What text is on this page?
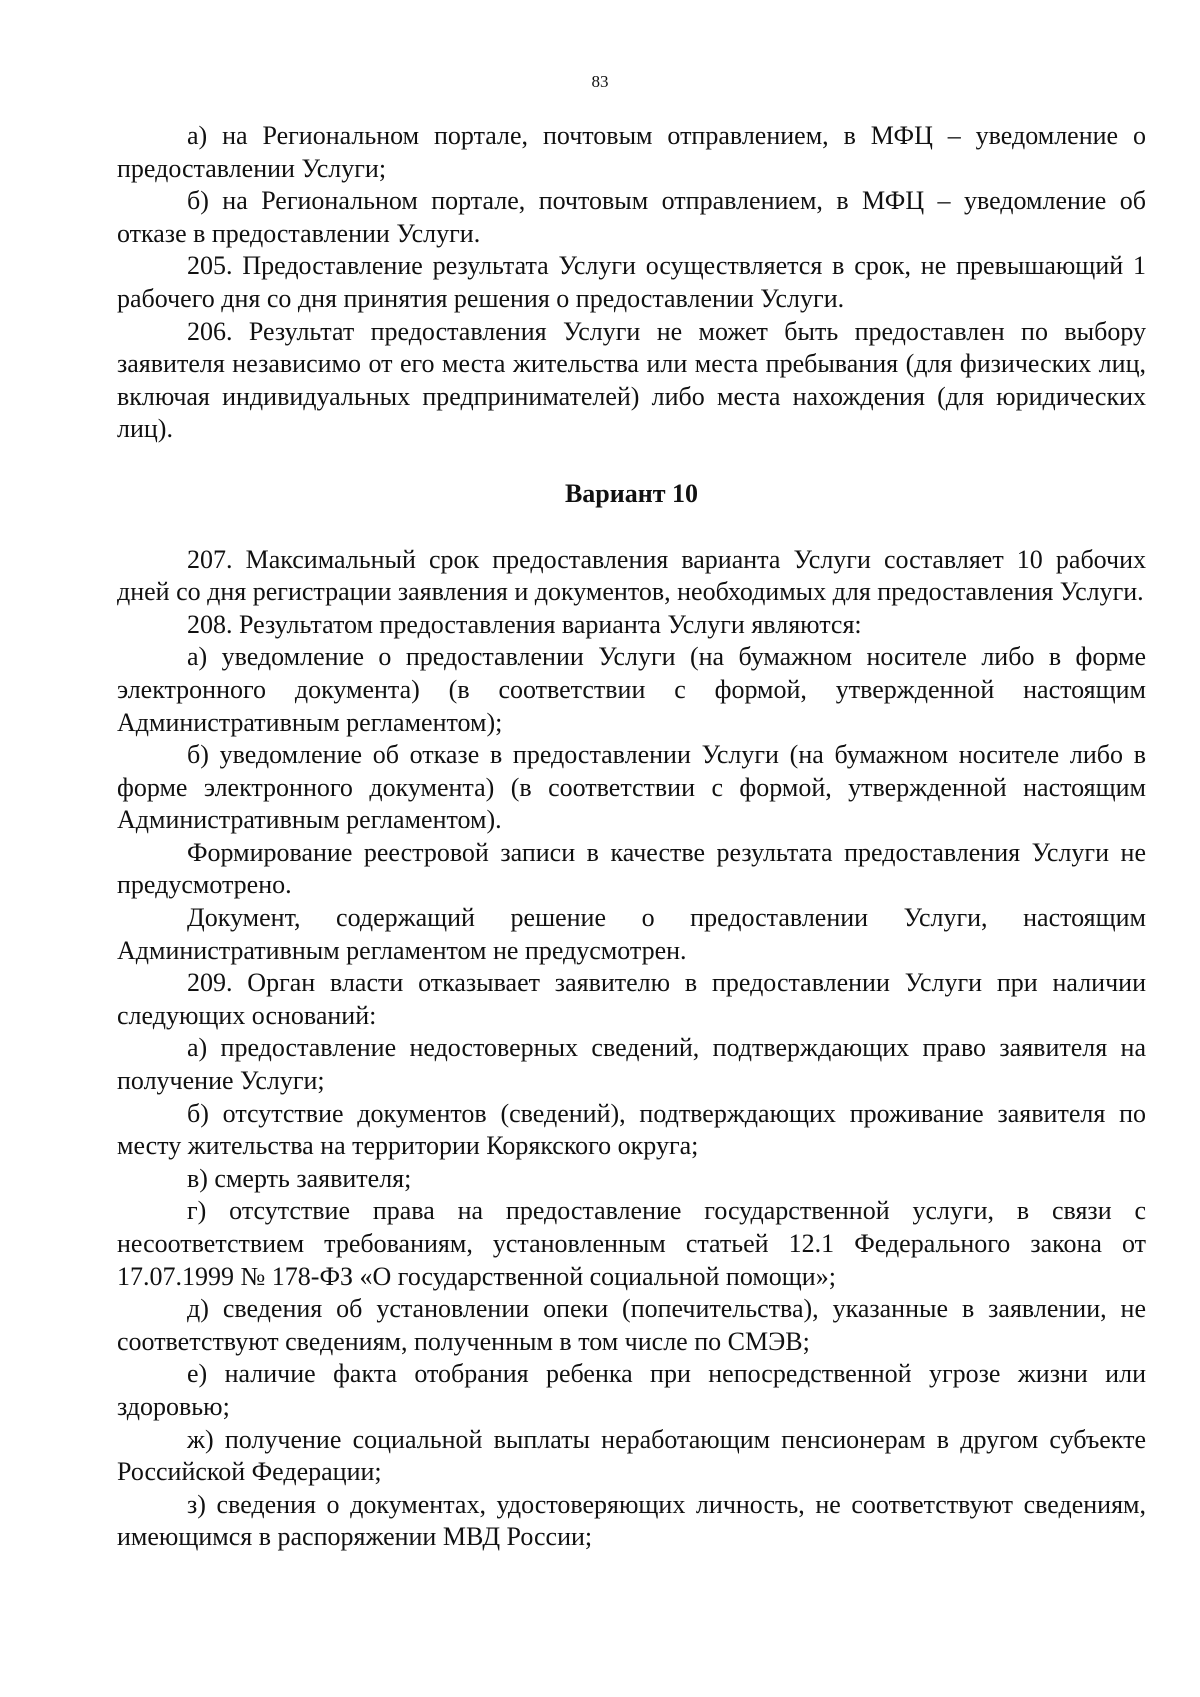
83

а) на Региональном портале, почтовым отправлением, в МФЦ – уведомление о предоставлении Услуги;

б) на Региональном портале, почтовым отправлением, в МФЦ – уведомление об отказе в предоставлении Услуги.

205. Предоставление результата Услуги осуществляется в срок, не превышающий 1 рабочего дня со дня принятия решения о предоставлении Услуги.

206. Результат предоставления Услуги не может быть предоставлен по выбору заявителя независимо от его места жительства или места пребывания (для физических лиц, включая индивидуальных предпринимателей) либо места нахождения (для юридических лиц).

Вариант 10

207. Максимальный срок предоставления варианта Услуги составляет 10 рабочих дней со дня регистрации заявления и документов, необходимых для предоставления Услуги.

208. Результатом предоставления варианта Услуги являются:

а) уведомление о предоставлении Услуги (на бумажном носителе либо в форме электронного документа) (в соответствии с формой, утвержденной настоящим Административным регламентом);

б) уведомление об отказе в предоставлении Услуги (на бумажном носителе либо в форме электронного документа) (в соответствии с формой, утвержденной настоящим Административным регламентом).

Формирование реестровой записи в качестве результата предоставления Услуги не предусмотрено.

Документ, содержащий решение о предоставлении Услуги, настоящим Административным регламентом не предусмотрен.

209. Орган власти отказывает заявителю в предоставлении Услуги при наличии следующих оснований:

а) предоставление недостоверных сведений, подтверждающих право заявителя на получение Услуги;

б) отсутствие документов (сведений), подтверждающих проживание заявителя по месту жительства на территории Корякского округа;

в) смерть заявителя;

г) отсутствие права на предоставление государственной услуги, в связи с несоответствием требованиям, установленным статьей 12.1 Федерального закона от 17.07.1999 № 178-ФЗ «О государственной социальной помощи»;

д) сведения об установлении опеки (попечительства), указанные в заявлении, не соответствуют сведениям, полученным в том числе по СМЭВ;

е) наличие факта отобрания ребенка при непосредственной угрозе жизни или здоровью;

ж) получение социальной выплаты неработающим пенсионерам в другом субъекте Российской Федерации;

з) сведения о документах, удостоверяющих личность, не соответствуют сведениям, имеющимся в распоряжении МВД России;
